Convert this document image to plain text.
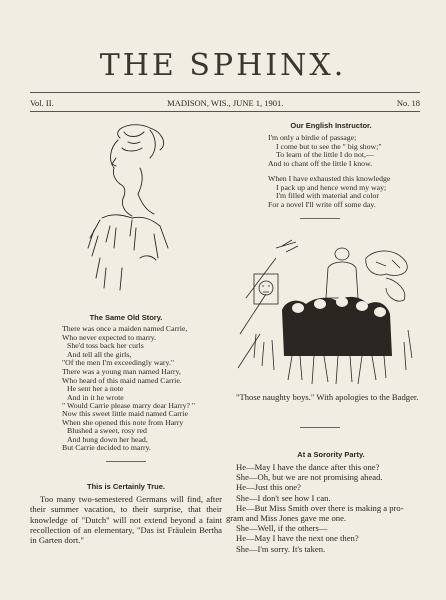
THE SPHINX.
Vol. II.	MADISON, WIS., JUNE 1, 1901.	No. 18
Our English Instructor.
I'm only a birdie of passage;
I come but to see the " big show;"
To learn of the little I do not,—
And to chant off the little I know.
When I have exhausted this knowledge
I pack up and hence wend my way;
I'm filled with material and color
For a novel I'll write off some day.
"Those naughty boys." With apologies to the Badger.
The Same Old Story.
There was once a maiden named Carrie,
Who never expected to marry.
She'd toss back her curls
And tell all the girls,
"Of the men I'm exceedingly wary."
There was a young man named Harry,
Who heard of this maid named Carrie.
He sent her a note
And in it he wrote
" Would Carrie please marry dear Harry? "
Now this sweet little maid named Carrie
When she opened this note from Harry
Blushed a sweet, rosy red
And hung down her head,
But Carrie decided to marry.
This is Certainly True.
Too many two-semestered Germans will find, after their summer vacation, to their surprise, that their knowledge of "Dutch" will not extend beyond a faint recollection of an elementary, "Das ist Fräulein Bertha in Garten dort."
At a Sorority Party.
He—May I have the dance after this one?
She—Oh, but we are not promising ahead.
He—Just this one?
She—I don't see how I can.
He—But Miss Smith over there is making a pro-
gram and Miss Jones gave me one.
She—Well, if the others—
He—May I have the next one then?
She—I'm sorry. It's taken.
